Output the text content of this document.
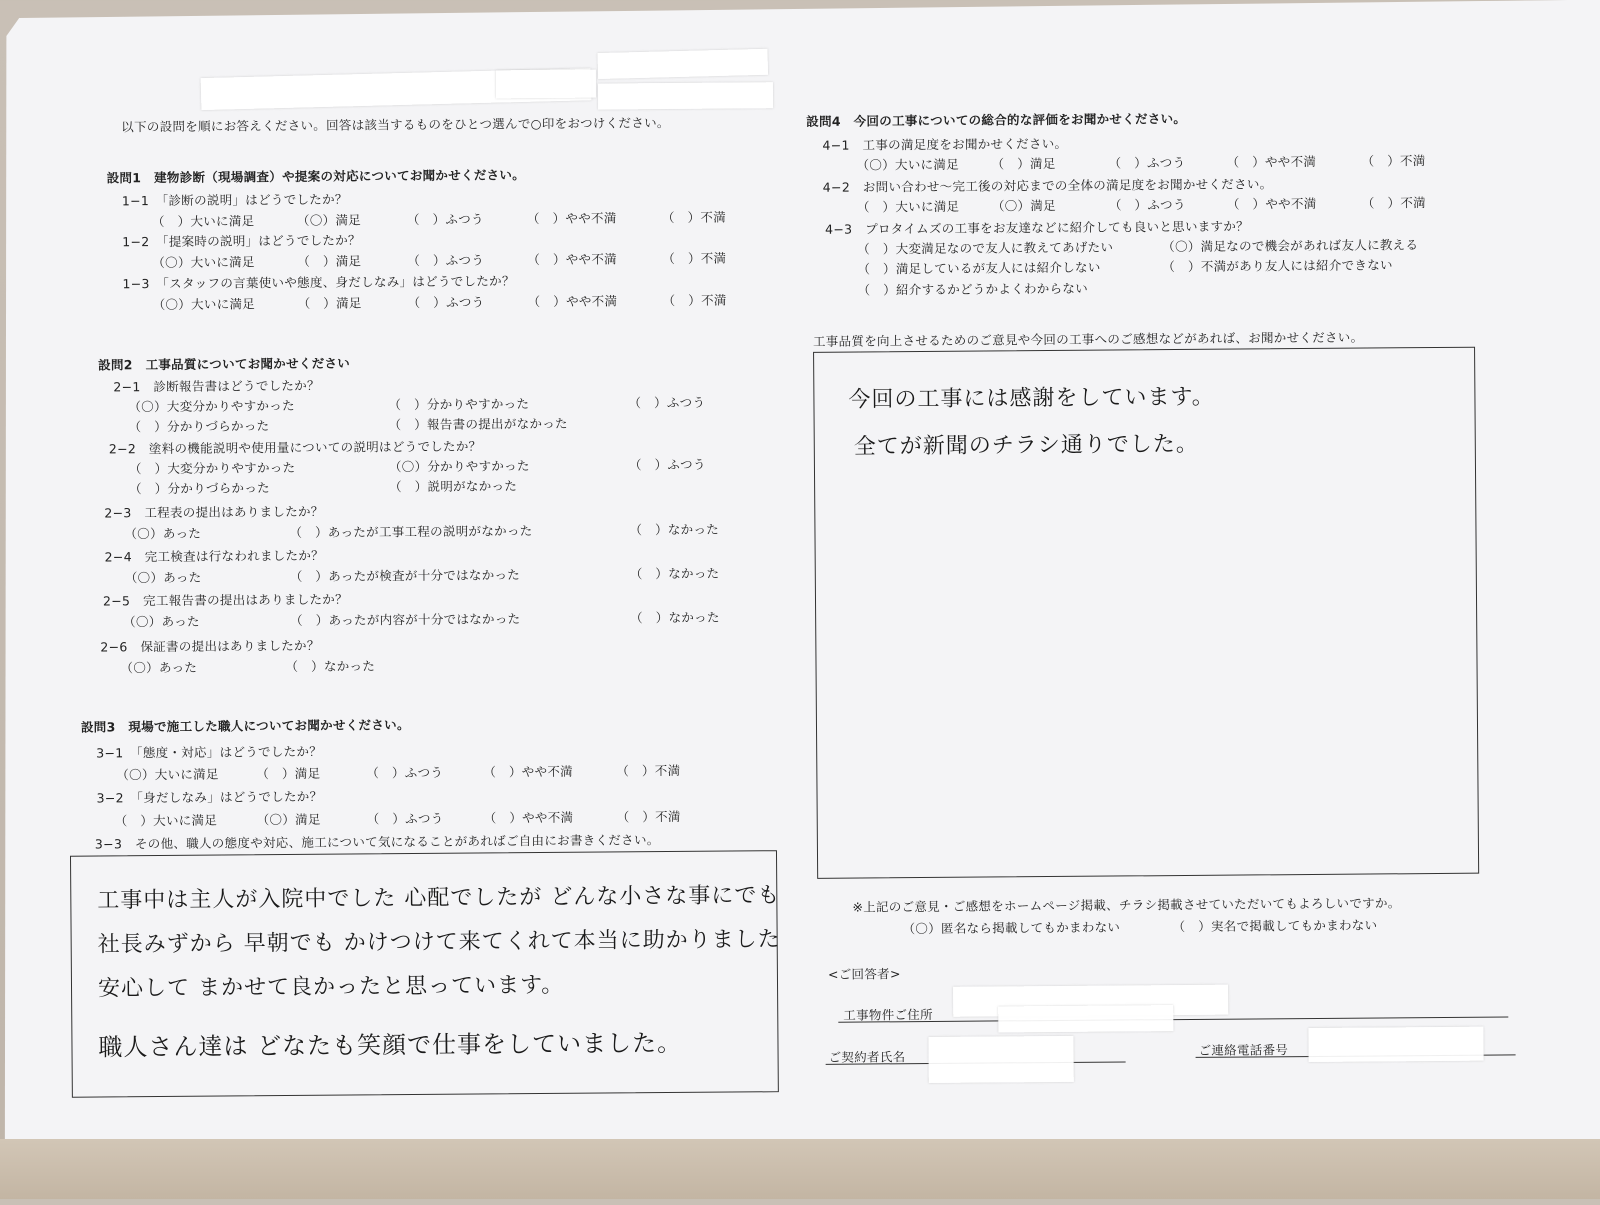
以下の設問を順にお答えください。回答は該当するものをひとつ選んで○印をおつけください。
設問1　建物診断（現場調査）や提案の対応についてお聞かせください。
1−1　「診断の説明」はどうでしたか？
（　）大いに満足	（〇）満足	（　）ふつう	（　）やや不満	（　）不満
1−2　「提案時の説明」はどうでしたか？
（〇）大いに満足	（　）満足	（　）ふつう	（　）やや不満	（　）不満
1−3　「スタッフの言葉使いや態度、身だしなみ」はどうでしたか？
（〇）大いに満足	（　）満足	（　）ふつう	（　）やや不満	（　）不満
設問2　工事品質についてお聞かせください
2−1　診断報告書はどうでしたか？
（〇）大変分かりやすかった	（　）分かりやすかった	（　）ふつう
（　）分かりづらかった	（　）報告書の提出がなかった
2−2　塗料の機能説明や使用量についての説明はどうでしたか？
（　）大変分かりやすかった	（〇）分かりやすかった	（　）ふつう
（　）分かりづらかった	（　）説明がなかった
2−3　工程表の提出はありましたか？
（〇）あった	（　）あったが工事工程の説明がなかった	（　）なかった
2−4　完工検査は行なわれましたか？
（〇）あった	（　）あったが検査が十分ではなかった	（　）なかった
2−5　完工報告書の提出はありましたか？
（〇）あった	（　）あったが内容が十分ではなかった	（　）なかった
2−6　保証書の提出はありましたか？
（〇）あった	（　）なかった
設問3　現場で施工した職人についてお聞かせください。
3−1　「態度・対応」はどうでしたか？
（〇）大いに満足	（　）満足	（　）ふつう	（　）やや不満	（　）不満
3−2　「身だしなみ」はどうでしたか？
（　）大いに満足	（〇）満足	（　）ふつう	（　）やや不満	（　）不満
3−3　その他、職人の態度や対応、施工について気になることがあればご自由にお書きください。
工事中は主人が入院中でした 心配でしたが どんな小さな事にでも
社長みずから 早朝でも かけつけて来てくれて本当に助かりました
安心して まかせて良かったと思っています。
職人さん達は どなたも笑顔で仕事をしていました。
設問4　今回の工事についての総合的な評価をお聞かせください。
4−1　工事の満足度をお聞かせください。
（〇）大いに満足	（　）満足	（　）ふつう	（　）やや不満	（　）不満
4−2　お問い合わせ〜完工後の対応までの全体の満足度をお聞かせください。
（　）大いに満足	（〇）満足	（　）ふつう	（　）やや不満	（　）不満
4−3　プロタイムズの工事をお友達などに紹介しても良いと思いますか？
（　）大変満足なので友人に教えてあげたい	（〇）満足なので機会があれば友人に教える
（　）満足しているが友人には紹介しない	（　）不満があり友人には紹介できない
（　）紹介するかどうかよくわからない
工事品質を向上させるためのご意見や今回の工事へのご感想などがあれば、お聞かせください。
今回の工事には感謝をしています。
全てが新聞のチラシ通りでした。
※上記のご意見・ご感想をホームページ掲載、チラシ掲載させていただいてもよろしいですか。
（〇）匿名なら掲載してもかまわない	（　）実名で掲載してもかまわない
<ご回答者>
工事物件ご住所
ご契約者氏名	ご連絡電話番号
